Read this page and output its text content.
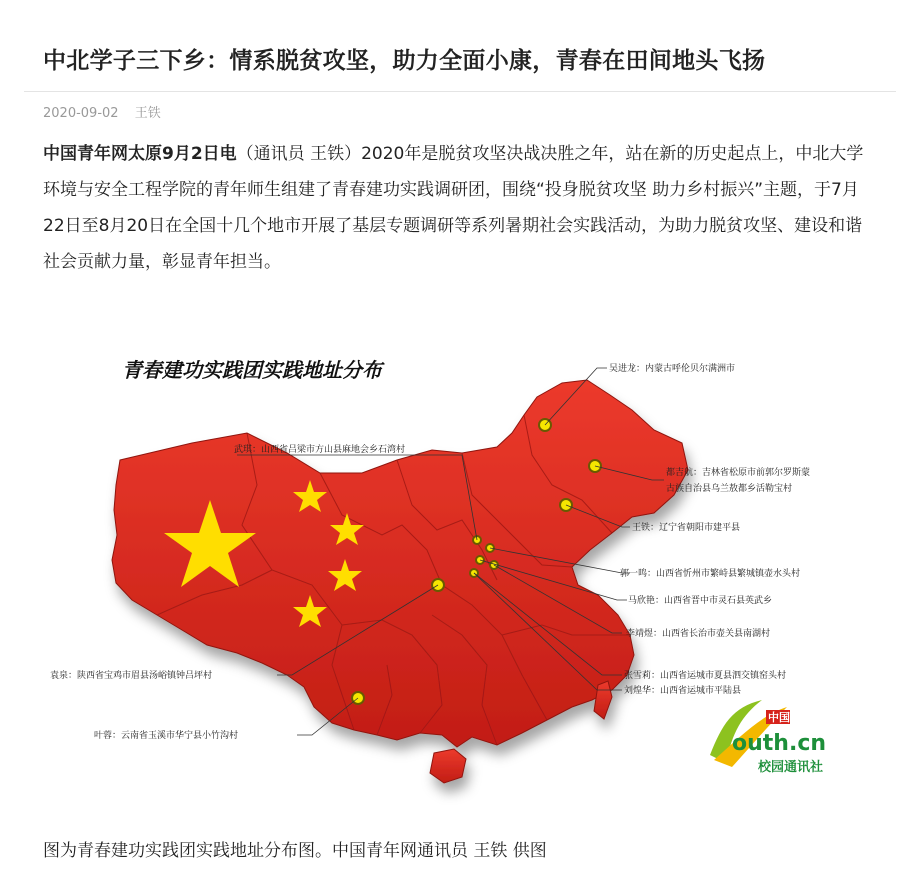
中北学子三下乡：情系脱贫攻坚，助力全面小康，青春在田间地头飞扬
2020-09-02 王铁
中国青年网太原9月2日电（通讯员 王铁）2020年是脱贫攻坚决战决胜之年，站在新的历史起点上，中北大学环境与安全工程学院的青年师生组建了青春建功实践调研团，围绕“投身脱贫攻坚 助力乡村振兴”主题，于7月22日至8月20日在全国十几个地市开展了基层专题调研等系列暑期社会实践活动，为助力脱贫攻坚、建设和谐社会贡献力量，彰显青年担当。
青春建功实践团实践地址分布	吴进龙：内蒙古呼伦贝尔满洲市
武琪：山西省吕梁市方山县麻地会乡石湾村
都吉航：吉林省松原市前郭尔罗斯蒙
古族自治县乌兰敖都乡活勒宝村
王铁：辽宁省朝阳市建平县
郭一鸣：山西省忻州市繁峙县繁城镇壶水头村
马欣艳：山西省晋中市灵石县英武乡
李靖煜：山西省长治市壶关县南湖村
袁泉：陕西省宝鸡市眉县汤峪镇钟吕坪村	张雪莉：山西省运城市夏县泗交镇窑头村
刘煌华：山西省运城市平陆县
叶蓉：云南省玉溪市华宁县小竹沟村
中国青年网
outh.cn
校园通讯社
图为青春建功实践团实践地址分布图。中国青年网通讯员 王铁 供图
